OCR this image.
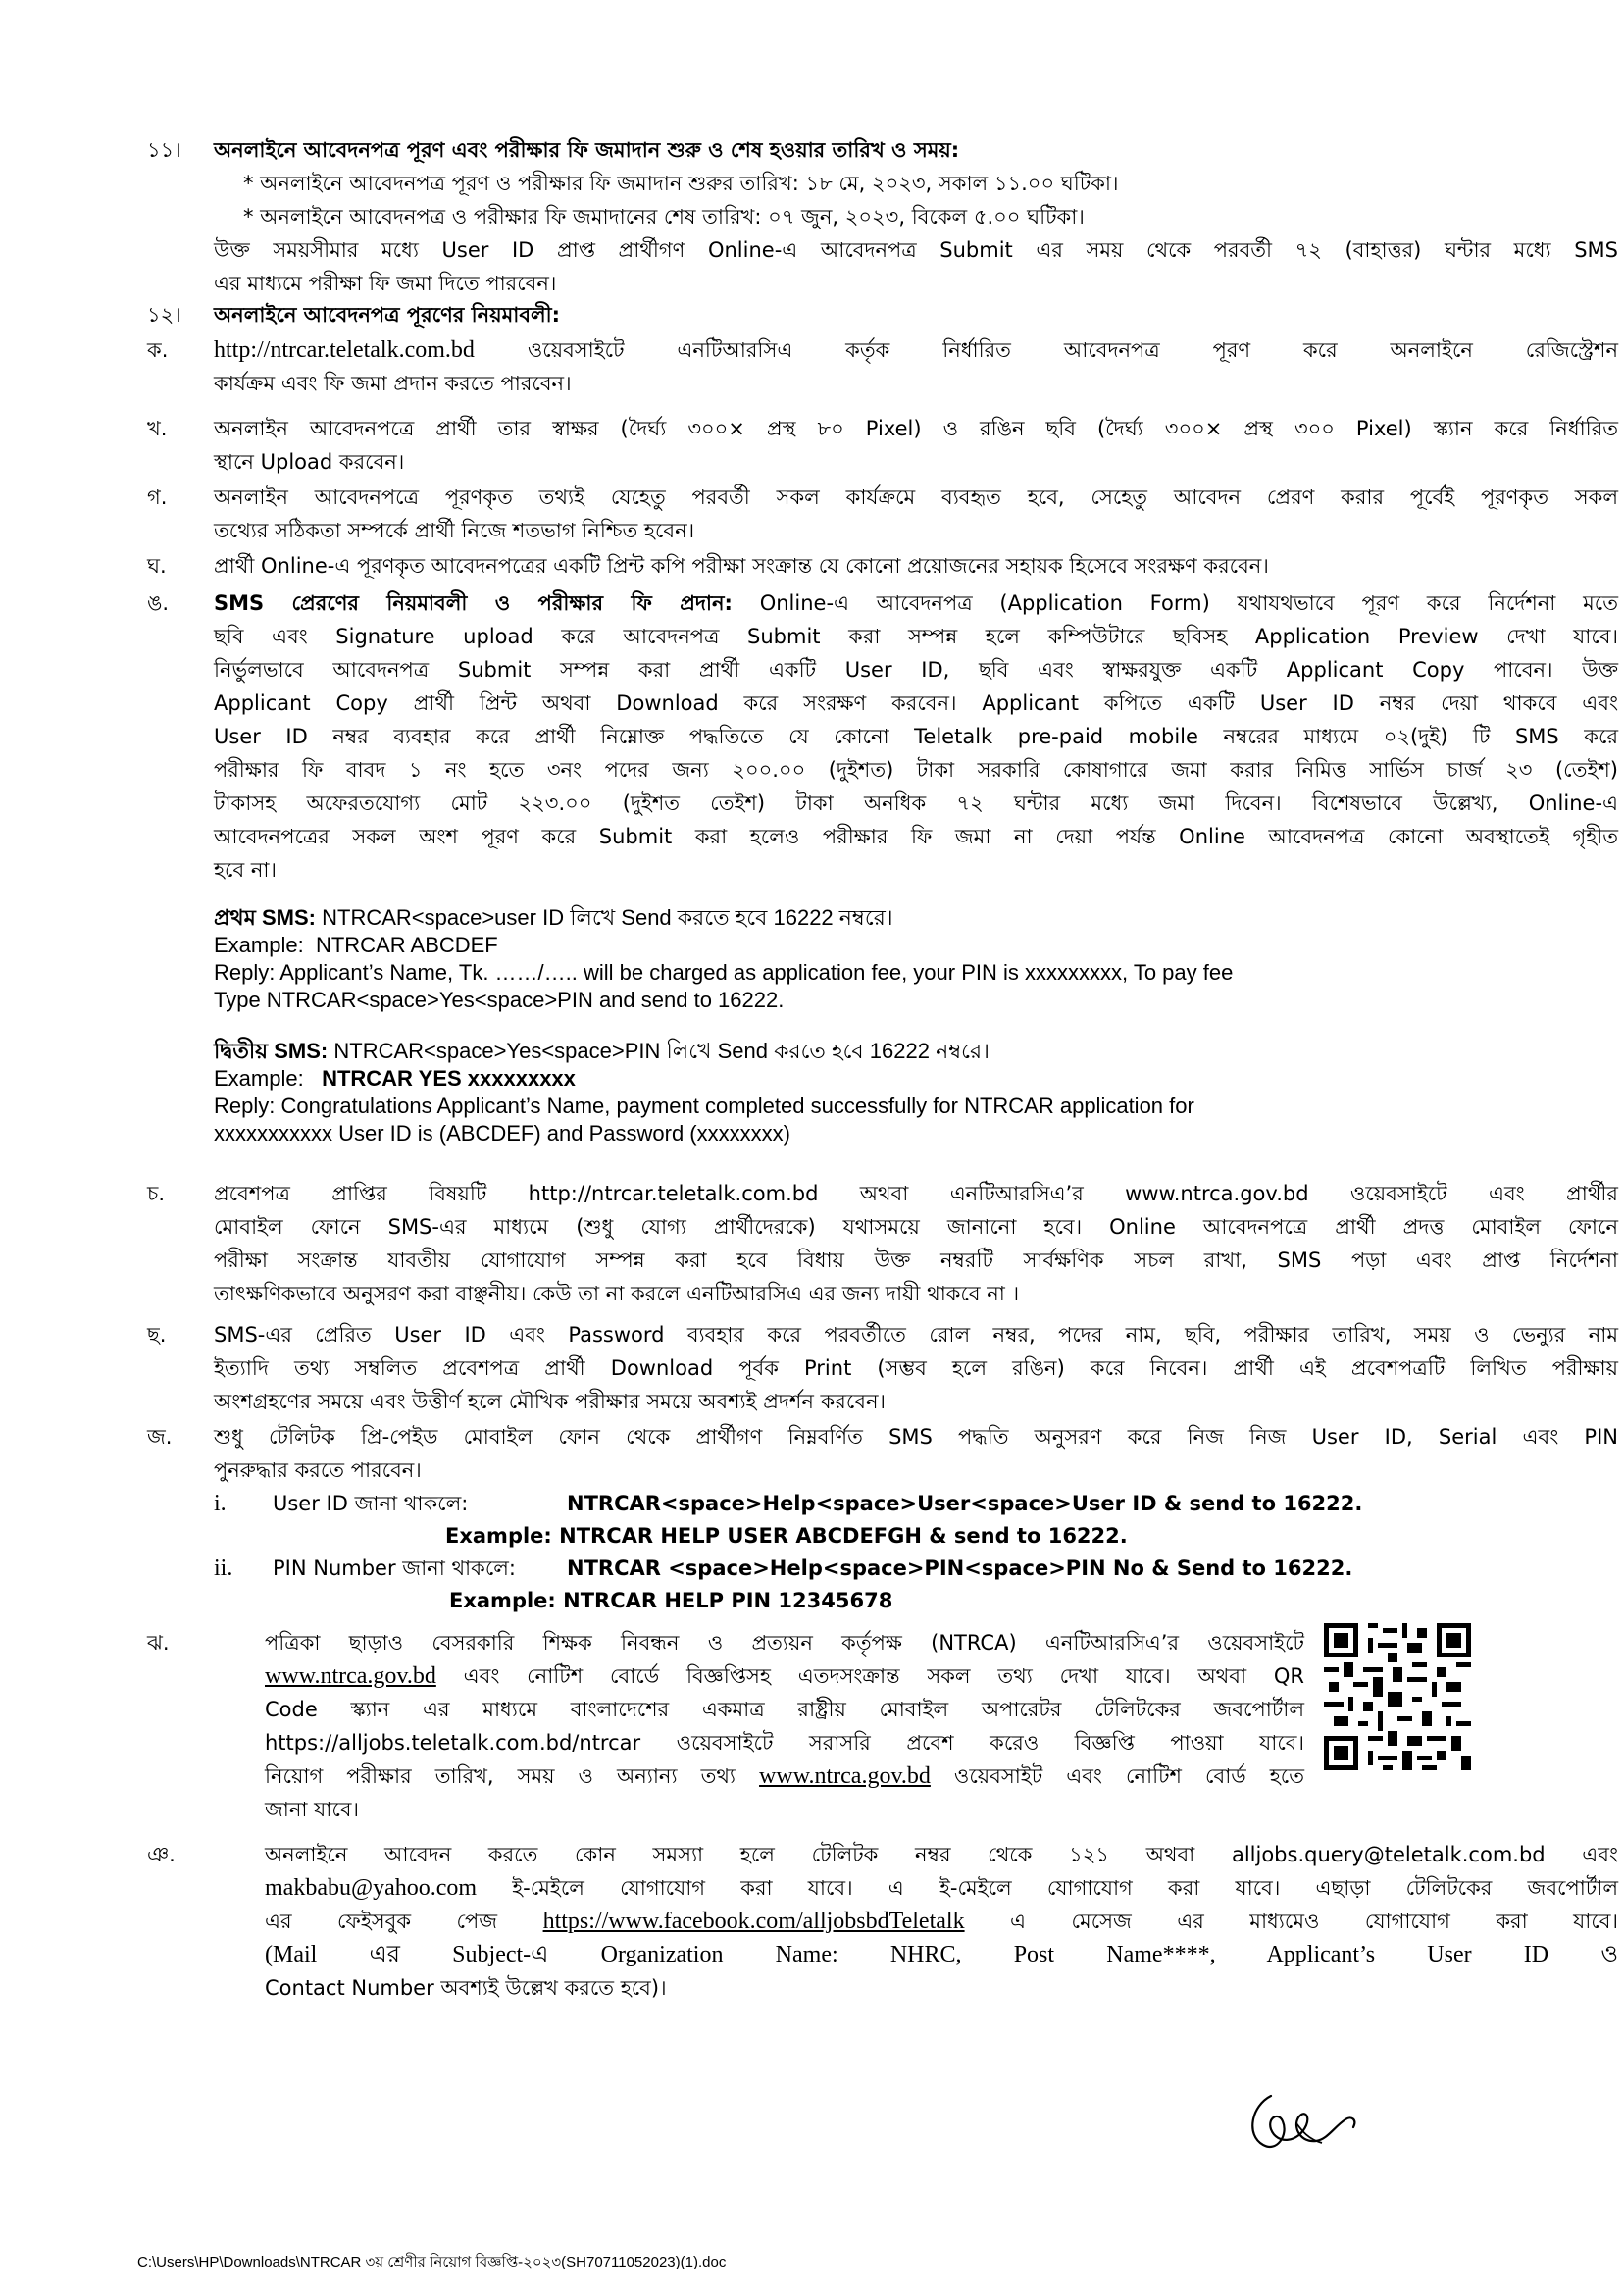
১১।	অনলাইনে আবেদনপত্র পূরণ এবং পরীক্ষার ফি জমাদান শুরু ও শেষ হওয়ার তারিখ ও সময়:
* অনলাইনে আবেদনপত্র পূরণ ও পরীক্ষার ফি জমাদান শুরুর তারিখ: ১৮ মে, ২০২৩, সকাল ১১.০০ ঘটিকা।
* অনলাইনে আবেদনপত্র ও পরীক্ষার ফি জমাদানের শেষ তারিখ: ০৭ জুন, ২০২৩, বিকেল ৫.০০ ঘটিকা।
উক্ত সময়সীমার মধ্যে User ID প্রাপ্ত প্রার্থীগণ Online-এ আবেদনপত্র Submit এর সময় থেকে পরবর্তী ৭২ (বাহাত্তর) ঘন্টার মধ্যে SMS
এর মাধ্যমে পরীক্ষা ফি জমা দিতে পারবেন।
১২।	অনলাইনে আবেদনপত্র পূরণের নিয়মাবলী:
ক.	http://ntrcar.teletalk.com.bd ওয়েবসাইটে এনটিআরসিএ কর্তৃক নির্ধারিত আবেদনপত্র পূরণ করে অনলাইনে রেজিস্ট্রেশন
কার্যক্রম এবং ফি জমা প্রদান করতে পারবেন।
খ.	অনলাইন আবেদনপত্রে প্রার্থী তার স্বাক্ষর (দৈর্ঘ্য ৩০০× প্রস্থ ৮০ Pixel) ও রঙিন ছবি (দৈর্ঘ্য ৩০০× প্রস্থ ৩০০ Pixel) স্ক্যান করে নির্ধারিত
স্থানে Upload করবেন।
গ.	অনলাইন আবেদনপত্রে পূরণকৃত তথ্যই যেহেতু পরবর্তী সকল কার্যক্রমে ব্যবহৃত হবে, সেহেতু আবেদন প্রেরণ করার পূর্বেই পূরণকৃত সকল
তথ্যের সঠিকতা সম্পর্কে প্রার্থী নিজে শতভাগ নিশ্চিত হবেন।
ঘ.	প্রার্থী Online-এ পূরণকৃত আবেদনপত্রের একটি প্রিন্ট কপি পরীক্ষা সংক্রান্ত যে কোনো প্রয়োজনের সহায়ক হিসেবে সংরক্ষণ করবেন।
ঙ.	SMS প্রেরণের নিয়মাবলী ও পরীক্ষার ফি প্রদান: Online-এ আবেদনপত্র (Application Form) যথাযথভাবে পূরণ করে নির্দেশনা মতে
ছবি এবং Signature upload করে আবেদনপত্র Submit করা সম্পন্ন হলে কম্পিউটারে ছবিসহ Application Preview দেখা যাবে।
নির্ভুলভাবে আবেদনপত্র Submit সম্পন্ন করা প্রার্থী একটি User ID, ছবি এবং স্বাক্ষরযুক্ত একটি Applicant Copy পাবেন। উক্ত
Applicant Copy প্রার্থী প্রিন্ট অথবা Download করে সংরক্ষণ করবেন। Applicant কপিতে একটি User ID নম্বর দেয়া থাকবে এবং
User ID নম্বর ব্যবহার করে প্রার্থী নিম্নোক্ত পদ্ধতিতে যে কোনো Teletalk pre-paid mobile নম্বরের মাধ্যমে ০২(দুই) টি SMS করে
পরীক্ষার ফি বাবদ ১ নং হতে ৩নং পদের জন্য ২০০.০০ (দুইশত) টাকা সরকারি কোষাগারে জমা করার নিমিত্ত সার্ভিস চার্জ ২৩ (তেইশ)
টাকাসহ অফেরতযোগ্য মোট ২২৩.০০ (দুইশত তেইশ) টাকা অনধিক ৭২ ঘন্টার মধ্যে জমা দিবেন। বিশেষভাবে উল্লেখ্য, Online-এ
আবেদনপত্রের সকল অংশ পূরণ করে Submit করা হলেও পরীক্ষার ফি জমা না দেয়া পর্যন্ত Online আবেদনপত্র কোনো অবস্থাতেই গৃহীত
হবে না।
প্রথম SMS: NTRCAR<space>user ID লিখে Send করতে হবে 16222 নম্বরে।
Example: NTRCAR ABCDEF
Reply: Applicant’s Name, Tk. ……/….. will be charged as application fee, your PIN is xxxxxxxxx, To pay fee
Type NTRCAR<space>Yes<space>PIN and send to 16222.
দ্বিতীয় SMS: NTRCAR<space>Yes<space>PIN লিখে Send করতে হবে 16222 নম্বরে।
Example: NTRCAR YES xxxxxxxxx
Reply: Congratulations Applicant’s Name, payment completed successfully for NTRCAR application for
xxxxxxxxxxx User ID is (ABCDEF) and Password (xxxxxxxx)
চ.	প্রবেশপত্র প্রাপ্তির বিষয়টি http://ntrcar.teletalk.com.bd অথবা এনটিআরসিএ’র www.ntrca.gov.bd ওয়েবসাইটে এবং প্রার্থীর
মোবাইল ফোনে SMS-এর মাধ্যমে (শুধু যোগ্য প্রার্থীদেরকে) যথাসময়ে জানানো হবে। Online আবেদনপত্রে প্রার্থী প্রদত্ত মোবাইল ফোনে
পরীক্ষা সংক্রান্ত যাবতীয় যোগাযোগ সম্পন্ন করা হবে বিধায় উক্ত নম্বরটি সার্বক্ষণিক সচল রাখা, SMS পড়া এবং প্রাপ্ত নির্দেশনা
তাৎক্ষণিকভাবে অনুসরণ করা বাঞ্ছনীয়। কেউ তা না করলে এনটিআরসিএ এর জন্য দায়ী থাকবে না ।
ছ.	SMS-এর প্রেরিত User ID এবং Password ব্যবহার করে পরবর্তীতে রোল নম্বর, পদের নাম, ছবি, পরীক্ষার তারিখ, সময় ও ভেন্যুর নাম
ইত্যাদি তথ্য সম্বলিত প্রবেশপত্র প্রার্থী Download পূর্বক Print (সম্ভব হলে রঙিন) করে নিবেন। প্রার্থী এই প্রবেশপত্রটি লিখিত পরীক্ষায়
অংশগ্রহণের সময়ে এবং উত্তীর্ণ হলে মৌখিক পরীক্ষার সময়ে অবশ্যই প্রদর্শন করবেন।
জ.	শুধু টেলিটক প্রি-পেইড মোবাইল ফোন থেকে প্রার্থীগণ নিম্নবর্ণিত SMS পদ্ধতি অনুসরণ করে নিজ নিজ User ID, Serial এবং PIN
পুনরুদ্ধার করতে পারবেন।
i. User ID জানা থাকলে:	NTRCAR<space>Help<space>User<space>User ID & send to 16222.
Example: NTRCAR HELP USER ABCDEFGH & send to 16222.
ii. PIN Number জানা থাকলে: NTRCAR <space>Help<space>PIN<space>PIN No & Send to 16222.
Example: NTRCAR HELP PIN 12345678
ঝ.	পত্রিকা ছাড়াও বেসরকারি শিক্ষক নিবন্ধন ও প্রত্যয়ন কর্তৃপক্ষ (NTRCA) এনটিআরসিএ’র ওয়েবসাইটে
www.ntrca.gov.bd এবং নোটিশ বোর্ডে বিজ্ঞপ্তিসহ এতদসংক্রান্ত সকল তথ্য দেখা যাবে। অথবা QR
Code স্ক্যান এর মাধ্যমে বাংলাদেশের একমাত্র রাষ্ট্রীয় মোবাইল অপারেটর টেলিটকের জবপোর্টাল
https://alljobs.teletalk.com.bd/ntrcar ওয়েবসাইটে সরাসরি প্রবেশ করেও বিজ্ঞপ্তি পাওয়া যাবে।
নিয়োগ পরীক্ষার তারিখ, সময় ও অন্যান্য তথ্য www.ntrca.gov.bd ওয়েবসাইট এবং নোটিশ বোর্ড হতে
জানা যাবে।
ঞ.	অনলাইনে আবেদন করতে কোন সমস্যা হলে টেলিটক নম্বর থেকে ১২১ অথবা alljobs.query@teletalk.com.bd এবং
makbabu@yahoo.com ই-মেইলে যোগাযোগ করা যাবে। এ ই-মেইলে যোগাযোগ করা যাবে। এছাড়া টেলিটকের জবপোর্টাল
এর ফেইসবুক পেজ https://www.facebook.com/alljobsbdTeletalk এ মেসেজ এর মাধ্যমেও যোগাযোগ করা যাবে।
(Mail এর Subject-এ Organization Name: NHRC, Post Name****, Applicant’s User ID ও
Contact Number অবশ্যই উল্লেখ করতে হবে)।
C:\Users\HP\Downloads\NTRCAR ৩য় শ্রেণীর নিয়োগ বিজ্ঞপ্তি-২০২৩(SH70711052023)(1).doc
